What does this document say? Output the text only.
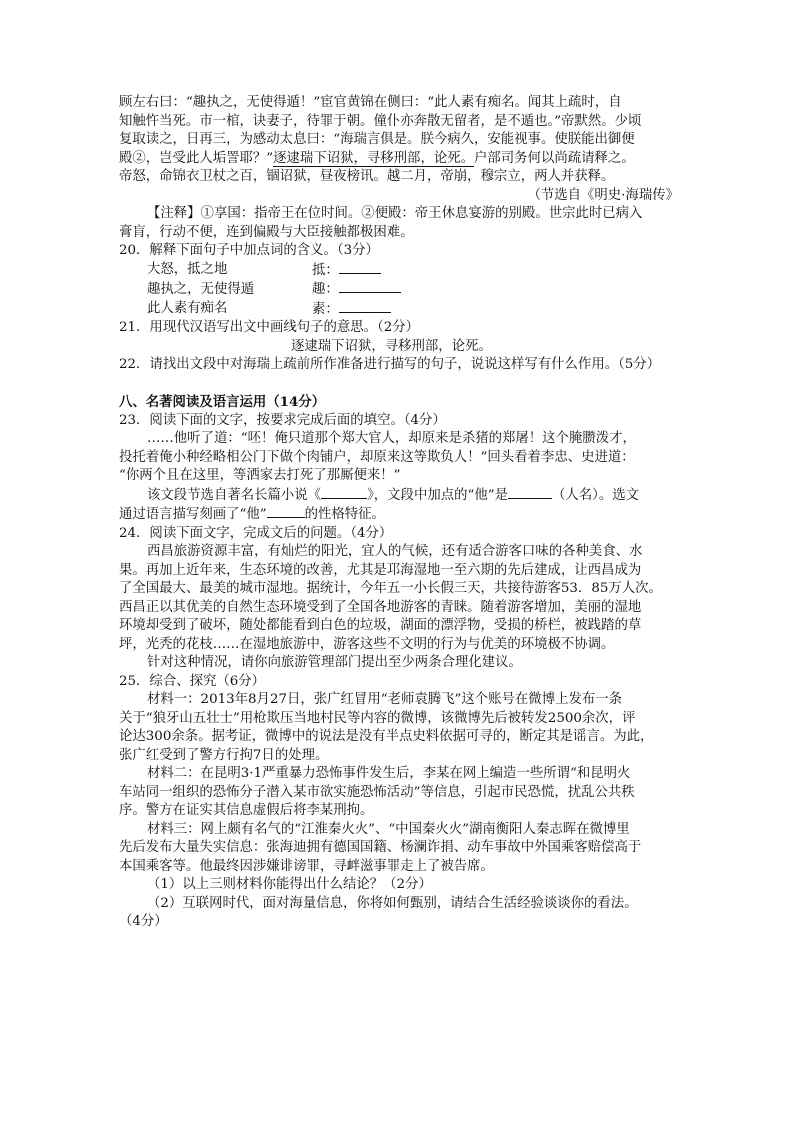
顾左右曰：“趣执之，无使得遁！”宦官黄锦在侧曰：“此人素有痴名。闻其上疏时，自
知触忤当死。市一棺，诀妻子，待罪于朝。僮仆亦奔散无留者，是不遁也。”帝默然。少顷
复取读之，日再三，为感动太息曰：“海瑞言俱是。朕今病久，安能视事。使朕能出御便
殿②，岂受此人垢詈耶？”逐逮瑞下诏狱，寻移刑部，论死。户部司务何以尚疏请释之。
帝怒，命锦衣卫杖之百，锢诏狱，昼夜榜讯。越二月，帝崩，穆宗立，两人并获释。
（节选自《明史·海瑞传》
【注释】①享国：指帝王在位时间。②便殿：帝王休息宴游的别殿。世宗此时已病入
膏肓，行动不便，连到偏殿与大臣接触都极困难。
20．解释下面句子中加点词的含义。（3分）
大怒，抵之地	抵：
趣执之，无使得遁	趣：
此人素有痴名	素：
21．用现代汉语写出文中画线句子的意思。（2分）
逐逮瑞下诏狱，寻移刑部，论死。
22．请找出文段中对海瑞上疏前所作准备进行描写的句子，说说这样写有什么作用。（5分）
八、名著阅读及语言运用（14分）
23．阅读下面的文字，按要求完成后面的填空。（4分）
……他听了道：“呸！俺只道那个郑大官人，却原来是杀猪的郑屠！这个腌臜泼才，
投托着俺小种经略相公门下做个肉铺户，却原来这等欺负人！”回头看着李忠、史进道：
“你两个且在这里，等洒家去打死了那厮便来！”
该文段节选自著名长篇小说《	》，文段中加点的“他”是	（人名）。选文
通过语言描写刻画了“他”	的性格特征。
24．阅读下面文字，完成文后的问题。（4分）
西昌旅游资源丰富，有灿烂的阳光，宜人的气候，还有适合游客口味的各种美食、水
果。再加上近年来，生态环境的改善，尤其是邛海湿地一至六期的先后建成，让西昌成为
了全国最大、最美的城市湿地。据统计，今年五一小长假三天，共接待游客53．85万人次。
西昌正以其优美的自然生态环境受到了全国各地游客的青睐。随着游客增加，美丽的湿地
环境却受到了破坏，随处都能看到白色的垃圾，湖面的漂浮物，受损的桥栏，被践踏的草
坪，光秃的花枝……在湿地旅游中，游客这些不文明的行为与优美的环境极不协调。
针对这种情况，请你向旅游管理部门提出至少两条合理化建议。
25．综合、探究（6分）
材料一：2013年8月27日，张广红冒用“老师袁腾飞”这个账号在微博上发布一条
关于“狼牙山五壮士”用枪欺压当地村民等内容的微博，该微博先后被转发2500余次，评
论达300余条。据考证，微博中的说法是没有半点史料依据可寻的，断定其是谣言。为此，
张广红受到了警方行拘7日的处理。
材料二：在昆明3·1严重暴力恐怖事件发生后，李某在网上编造一些所谓“和昆明火
车站同一组织的恐怖分子潜入某市欲实施恐怖活动”等信息，引起市民恐慌，扰乱公共秩
序。警方在证实其信息虚假后将李某刑拘。
材料三：网上颇有名气的“江淮秦火火”、“中国秦火火”湖南衡阳人秦志晖在微博里
先后发布大量失实信息：张海迪拥有德国国籍、杨澜诈捐、动车事故中外国乘客赔偿高于
本国乘客等。他最终因涉嫌诽谤罪，寻衅滋事罪走上了被告席。
（1）以上三则材料你能得出什么结论？（2分）
（2）互联网时代，面对海量信息，你将如何甄别，请结合生活经验谈谈你的看法。
（4分）
